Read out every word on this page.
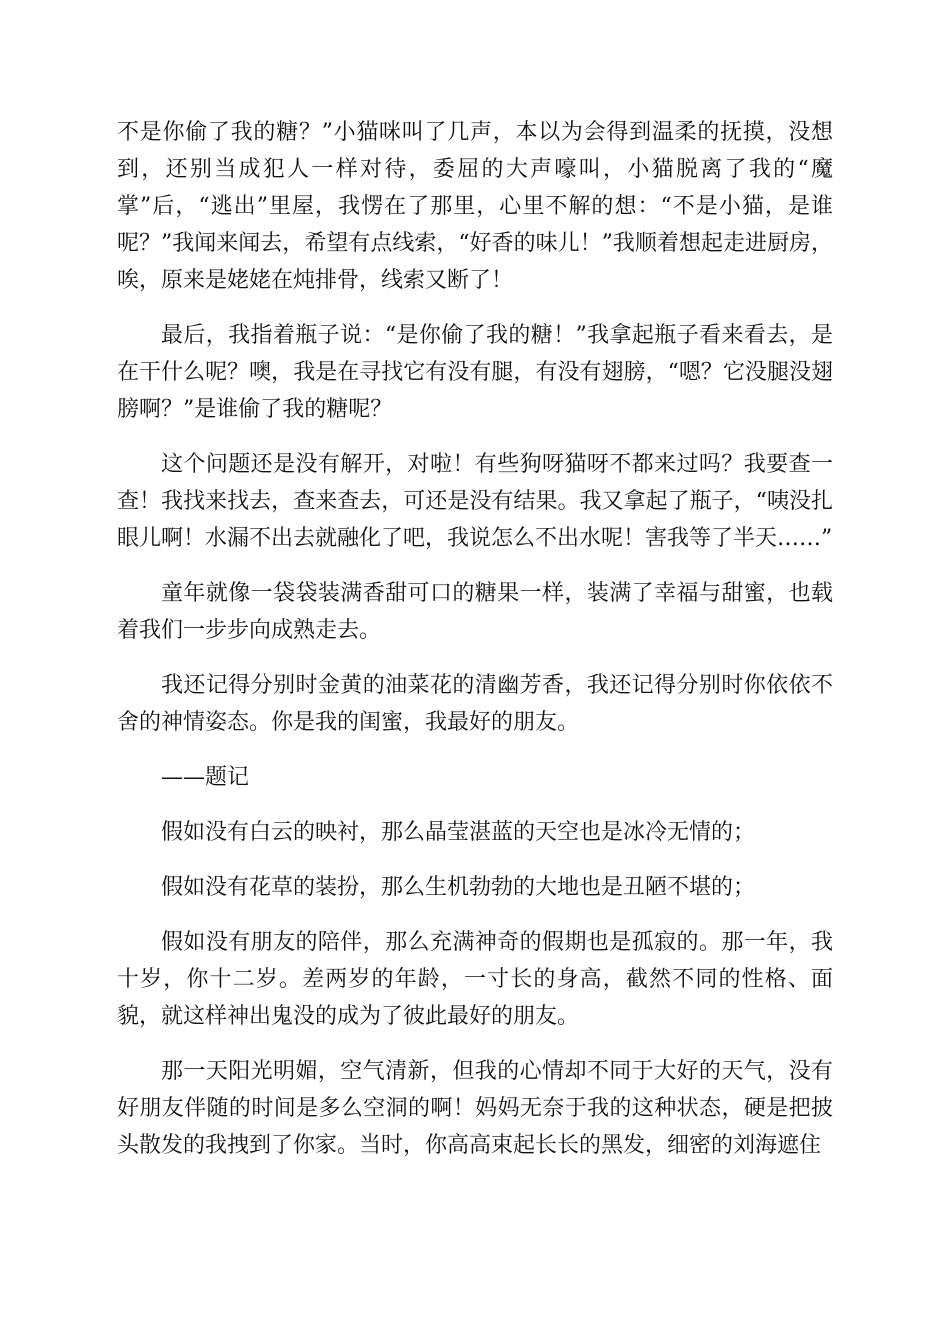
不是你偷了我的糖？”小猫咪叫了几声，本以为会得到温柔的抚摸，没想到，还别当成犯人一样对待，委屈的大声嚎叫，小猫脱离了我的“魔掌”后，“逃出”里屋，我愣在了那里，心里不解的想：“不是小猫，是谁呢？”我闻来闻去，希望有点线索，“好香的味儿！”我顺着想起走进厨房，唉，原来是姥姥在炖排骨，线索又断了！

最后，我指着瓶子说：“是你偷了我的糖！”我拿起瓶子看来看去，是在干什么呢？噢，我是在寻找它有没有腿，有没有翅膀，“嗯？它没腿没翅膀啊？”是谁偷了我的糖呢？

这个问题还是没有解开，对啦！有些狗呀猫呀不都来过吗？我要查一查！我找来找去，查来查去，可还是没有结果。我又拿起了瓶子，“咦没扎眼儿啊！水漏不出去就融化了吧，我说怎么不出水呢！害我等了半天……”

童年就像一袋袋装满香甜可口的糖果一样，装满了幸福与甜蜜，也载着我们一步步向成熟走去。

我还记得分别时金黄的油菜花的清幽芳香，我还记得分别时你依依不舍的神情姿态。你是我的闺蜜，我最好的朋友。

——题记

假如没有白云的映衬，那么晶莹湛蓝的天空也是冰冷无情的；

假如没有花草的装扮，那么生机勃勃的大地也是丑陋不堪的；

假如没有朋友的陪伴，那么充满神奇的假期也是孤寂的。那一年，我十岁，你十二岁。差两岁的年龄，一寸长的身高，截然不同的性格、面貌，就这样神出鬼没的成为了彼此最好的朋友。

那一天阳光明媚，空气清新，但我的心情却不同于大好的天气，没有好朋友伴随的时间是多么空洞的啊！妈妈无奈于我的这种状态，硬是把披头散发的我拽到了你家。当时，你高高束起长长的黑发，细密的刘海遮住
